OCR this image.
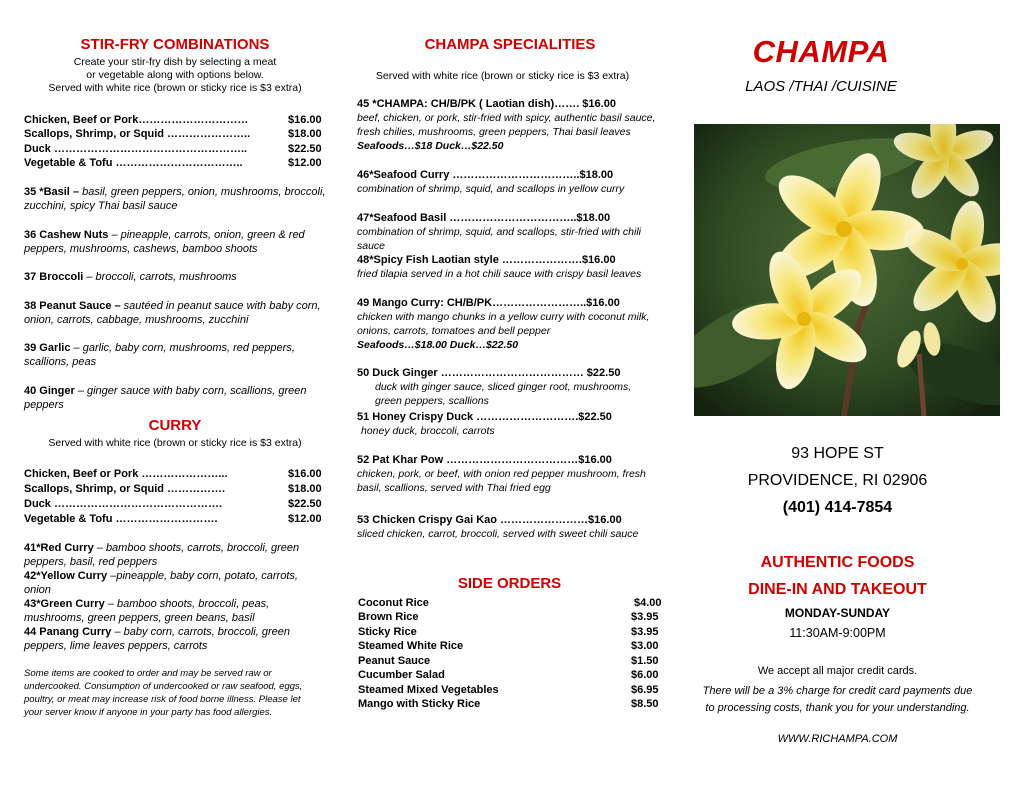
STIR-FRY COMBINATIONS
Create your stir-fry dish by selecting a meat
or vegetable along with options below.
Served with white rice (brown or sticky rice is $3 extra)
Chicken, Beef or Pork…………………………	$16.00
Scallops, Shrimp, or Squid …………………..	$18.00
Duck ……………………………………………..	$22.50
Vegetable & Tofu ……………………………..	$12.00
35 *Basil – basil, green peppers, onion, mushrooms, broccoli, zucchini, spicy Thai basil sauce
36 Cashew Nuts – pineapple, carrots, onion, green & red peppers, mushrooms, cashews, bamboo shoots
37 Broccoli – broccoli, carrots, mushrooms
38 Peanut Sauce – sautéed in peanut sauce with baby corn, onion, carrots, cabbage, mushrooms, zucchini
39 Garlic – garlic, baby corn, mushrooms, red peppers, scallions, peas
40 Ginger – ginger sauce with baby corn, scallions, green peppers
CURRY
Served with white rice (brown or sticky rice is $3 extra)
Chicken, Beef or Pork …………………...	$16.00
Scallops, Shrimp, or Squid …………….	$18.00
Duck ……………………………………….	$22.50
Vegetable & Tofu ……………………….	$12.00
41*Red Curry – bamboo shoots, carrots, broccoli, green peppers, basil, red peppers
42*Yellow Curry –pineapple, baby corn, potato, carrots, onion
43*Green Curry – bamboo shoots, broccoli, peas, mushrooms, green peppers, green beans, basil
44 Panang Curry – baby corn, carrots, broccoli, green peppers, lime leaves peppers, carrots
Some items are cooked to order and may be served raw or undercooked. Consumption of undercooked or raw seafood, eggs, poultry, or meat may increase risk of food borne illness. Please let your server know if anyone in your party has food allergies.
CHAMPA SPECIALITIES
Served with white rice (brown or sticky rice is $3 extra)
45 *CHAMPA: CH/B/PK ( Laotian dish)……. $16.00
beef, chicken, or pork, stir-fried with spicy, authentic basil sauce, fresh chilies, mushrooms, green peppers, Thai basil leaves Seafoods…$18 Duck…$22.50
46*Seafood Curry ……………………………..$18.00
combination of shrimp, squid, and scallops in yellow curry
47*Seafood Basil ……………………………..$18.00
combination of shrimp, squid, and scallops, stir-fried with chili sauce
48*Spicy Fish Laotian style ………………….$16.00
fried tilapia served in a hot chili sauce with crispy basil leaves
49 Mango Curry: CH/B/PK……………………..$16.00
chicken with mango chunks in a yellow curry with coconut milk, onions, carrots, tomatoes and bell pepper
Seafoods…$18.00 Duck…$22.50
50 Duck Ginger ………………………………… $22.50
duck with ginger sauce, sliced ginger root, mushrooms, green peppers, scallions
51 Honey Crispy Duck ……………………….$22.50
honey duck, broccoli, carrots
52 Pat Khar Pow ………………………………$16.00
chicken, pork, or beef, with onion red pepper mushroom, fresh basil, scallions, served with Thai fried egg
53 Chicken Crispy Gai Kao ……………………$16.00
sliced chicken, carrot, broccoli, served with sweet chili sauce
SIDE ORDERS
Coconut Rice	$4.00
Brown Rice	$3.95
Sticky Rice	$3.95
Steamed White Rice	$3.00
Peanut Sauce	$1.50
Cucumber Salad	$6.00
Steamed Mixed Vegetables	$6.95
Mango with Sticky Rice	$8.50
CHAMPA
LAOS /THAI /CUISINE
93 HOPE ST
PROVIDENCE, RI 02906
(401) 414-7854
AUTHENTIC FOODS
DINE-IN AND TAKEOUT
MONDAY-SUNDAY
11:30AM-9:00PM
We accept all major credit cards.
There will be a 3% charge for credit card payments due to processing costs, thank you for your understanding.
WWW.RICHAMPA.COM
